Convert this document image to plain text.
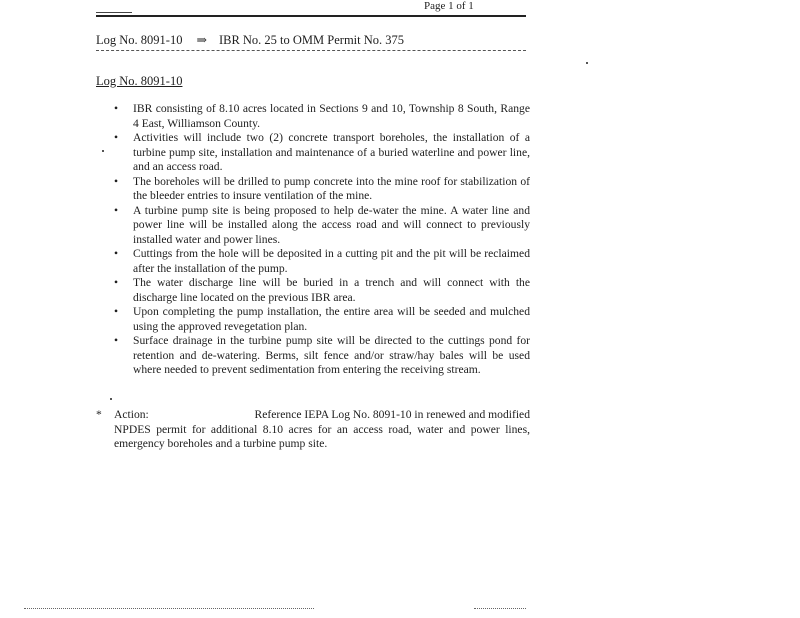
Page 1 of 1
Log No. 8091-10 ⇒ IBR No. 25 to OMM Permit No. 375
Log No. 8091-10
• IBR consisting of 8.10 acres located in Sections 9 and 10, Township 8 South, Range 4 East, Williamson County.
• Activities will include two (2) concrete transport boreholes, the installation of a turbine pump site, installation and maintenance of a buried waterline and power line, and an access road.
• The boreholes will be drilled to pump concrete into the mine roof for stabilization of the bleeder entries to insure ventilation of the mine.
• A turbine pump site is being proposed to help de-water the mine. A water line and power line will be installed along the access road and will connect to previously installed water and power lines.
• Cuttings from the hole will be deposited in a cutting pit and the pit will be reclaimed after the installation of the pump.
• The water discharge line will be buried in a trench and will connect with the discharge line located on the previous IBR area.
• Upon completing the pump installation, the entire area will be seeded and mulched using the approved revegetation plan.
• Surface drainage in the turbine pump site will be directed to the cuttings pond for retention and de-watering. Berms, silt fence and/or straw/hay bales will be used where needed to prevent sedimentation from entering the receiving stream.
* Action:	Reference IEPA Log No. 8091-10 in renewed and modified
NPDES permit for additional 8.10 acres for an access road, water and power lines, emergency boreholes and a turbine pump site.
